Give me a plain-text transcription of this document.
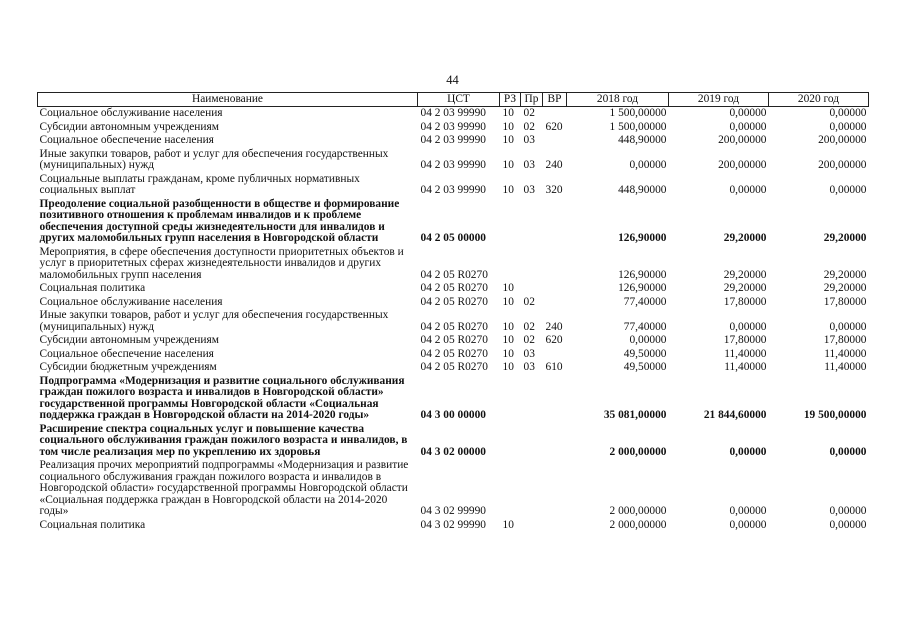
44
Наименование	ЦСТ	РЗ	Пр	ВР	2018 год	2019 год	2020 год
Социальное обслуживание населения	04 2 03 99990	10	02		1 500,00000	0,00000	0,00000
Субсидии автономным учреждениям	04 2 03 99990	10	02	620	1 500,00000	0,00000	0,00000
Социальное обеспечение населения	04 2 03 99990	10	03		448,90000	200,00000	200,00000
Иные закупки товаров, работ и услуг для обеспечения государственных (муниципальных) нужд	04 2 03 99990	10	03	240	0,00000	200,00000	200,00000
Социальные выплаты гражданам, кроме публичных нормативных социальных выплат	04 2 03 99990	10	03	320	448,90000	0,00000	0,00000
Преодоление социальной разобщенности в обществе и формирование позитивного отношения к проблемам инвалидов и к проблеме обеспечения доступной среды жизнедеятельности для инвалидов и других маломобильных групп населения в Новгородской области	04 2 05 00000				126,90000	29,20000	29,20000
Мероприятия, в сфере обеспечения доступности приоритетных объектов и услуг в приоритетных сферах жизнедеятельности инвалидов и других маломобильных групп населения	04 2 05 R0270				126,90000	29,20000	29,20000
Социальная политика	04 2 05 R0270	10			126,90000	29,20000	29,20000
Социальное обслуживание населения	04 2 05 R0270	10	02		77,40000	17,80000	17,80000
Иные закупки товаров, работ и услуг для обеспечения государственных (муниципальных) нужд	04 2 05 R0270	10	02	240	77,40000	0,00000	0,00000
Субсидии автономным учреждениям	04 2 05 R0270	10	02	620	0,00000	17,80000	17,80000
Социальное обеспечение населения	04 2 05 R0270	10	03		49,50000	11,40000	11,40000
Субсидии бюджетным учреждениям	04 2 05 R0270	10	03	610	49,50000	11,40000	11,40000
Подпрограмма «Модернизация и развитие социального обслуживания граждан пожилого возраста и инвалидов в Новгородской области» государственной программы Новгородской области «Социальная поддержка граждан в Новгородской области на 2014-2020 годы»	04 3 00 00000				35 081,00000	21 844,60000	19 500,00000
Расширение спектра социальных услуг и повышение качества социального обслуживания граждан пожилого возраста и инвалидов, в том числе реализация мер по укреплению их здоровья	04 3 02 00000				2 000,00000	0,00000	0,00000
Реализация прочих мероприятий подпрограммы «Модернизация и развитие социального обслуживания граждан пожилого возраста и инвалидов в Новгородской области» государственной программы Новгородской области «Социальная поддержка граждан в Новгородской области на 2014-2020 годы»	04 3 02 99990				2 000,00000	0,00000	0,00000
Социальная политика	04 3 02 99990	10			2 000,00000	0,00000	0,00000
